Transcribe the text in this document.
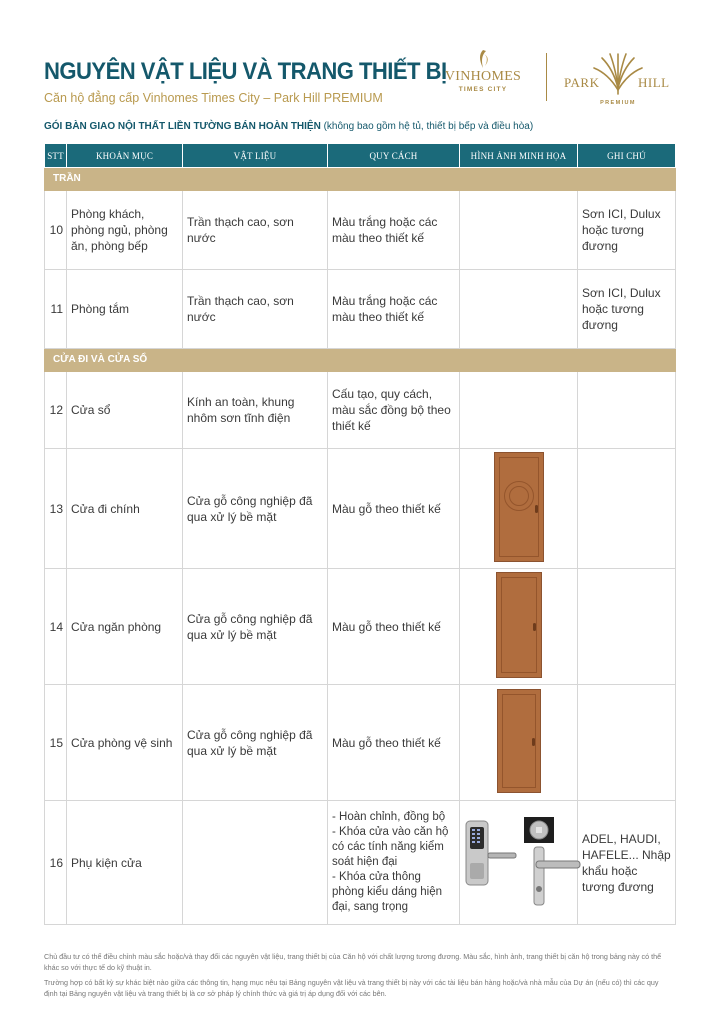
NGUYÊN VẬT LIỆU VÀ TRANG THIẾT BỊ
Căn hộ đẳng cấp Vinhomes Times City – Park Hill PREMIUM
VINHOMES
TIMES CITY	PARK	HILL
PREMIUM
GÓI BÀN GIAO NỘI THẤT LIỀN TƯỜNG BÁN HOÀN THIỆN (không bao gồm hệ tủ, thiết bị bếp và điều hòa)
STT	KHOẢN MỤC	VẬT LIỆU	QUY CÁCH	HÌNH ẢNH MINH HỌA	GHI CHÚ
TRẦN					
10	Phòng khách, phòng ngủ, phòng ăn, phòng bếp	Trần thạch cao, sơn nước	Màu trắng hoặc các màu theo thiết kế		Sơn ICI, Dulux hoặc tương đương
11	Phòng tắm	Trần thạch cao, sơn nước	Màu trắng hoặc các màu theo thiết kế		Sơn ICI, Dulux hoặc tương đương
CỬA ĐI VÀ CỬA SỔ					
12	Cửa sổ	Kính an toàn, khung nhôm sơn tĩnh điện	Cấu tạo, quy cách, màu sắc đồng bộ theo thiết kế		
13	Cửa đi chính	Cửa gỗ công nghiệp đã qua xử lý bề mặt	Màu gỗ theo thiết kế	

14	Cửa ngăn phòng	Cửa gỗ công nghiệp đã qua xử lý bề mặt	Màu gỗ theo thiết kế	

15	Cửa phòng vệ sinh	Cửa gỗ công nghiệp đã qua xử lý bề mặt	Màu gỗ theo thiết kế	

16	Phụ kiện cửa		- Hoàn chỉnh, đồng bộ
- Khóa cửa vào căn hộ có các tính năng kiểm soát hiện đại
- Khóa cửa thông phòng kiểu dáng hiện đại, sang trọng		ADEL, HAUDI, HAFELE... Nhập khẩu hoặc tương đương
Chủ đầu tư có thể điều chỉnh màu sắc hoặc/và thay đổi các nguyên vật liệu, trang thiết bị của Căn hộ với chất lượng tương đương. Màu sắc, hình ảnh, trang thiết bị căn hộ trong bảng này có thể khác so với thực tế do kỹ thuật in.
Trường hợp có bất kỳ sự khác biệt nào giữa các thông tin, hạng mục nêu tại Bảng nguyên vật liệu và trang thiết bị này với các tài liệu bán hàng hoặc/và nhà mẫu của Dự án (nếu có) thì các quy định tại Bảng nguyên vật liệu và trang thiết bị là cơ sở pháp lý chính thức và giá trị áp dụng đối với các bên.
